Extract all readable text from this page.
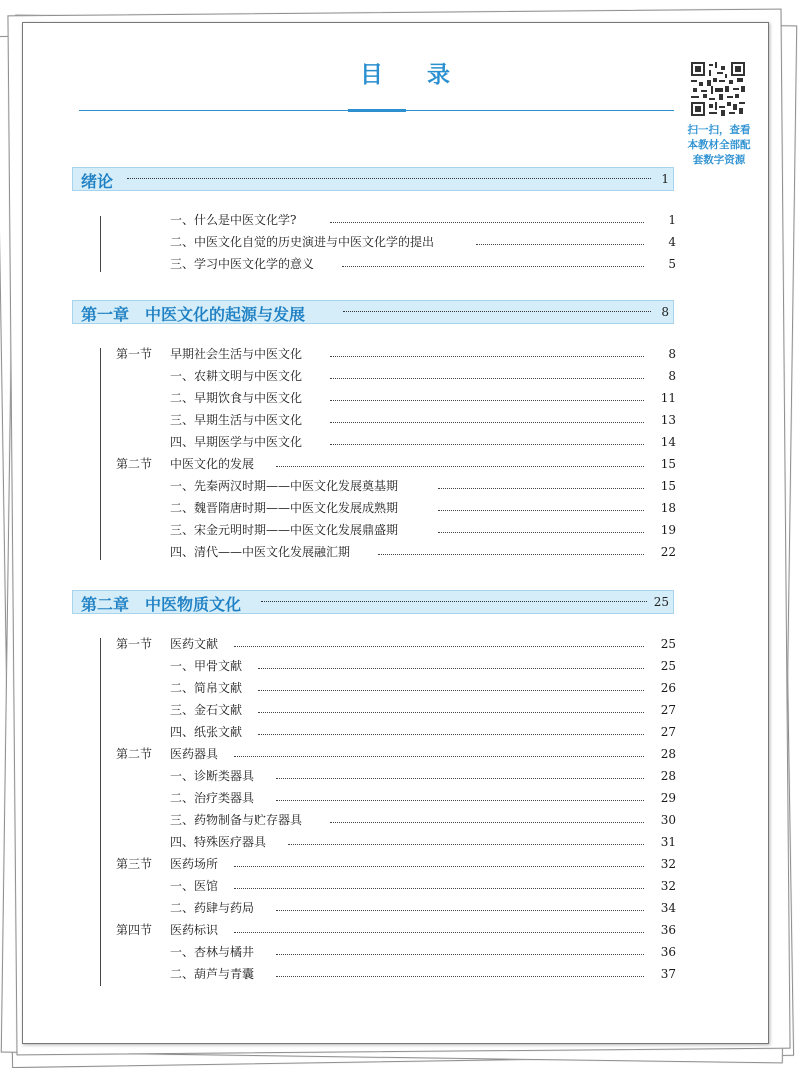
目 录
扫一扫，查看本教材全部配套数字资源
绪论	1
一、什么是中医文化学?	1
二、中医文化自觉的历史演进与中医文化学的提出	4
三、学习中医文化学的意义	5
第一章　中医文化的起源与发展	8
第一节 早期社会生活与中医文化	8
一、农耕文明与中医文化	8
二、早期饮食与中医文化	11
三、早期生活与中医文化	13
四、早期医学与中医文化	14
第二节 中医文化的发展	15
一、先秦两汉时期——中医文化发展奠基期	15
二、魏晋隋唐时期——中医文化发展成熟期	18
三、宋金元明时期——中医文化发展鼎盛期	19
四、清代——中医文化发展融汇期	22
第二章　中医物质文化	25
第一节 医药文献	25
一、甲骨文献	25
二、简帛文献	26
三、金石文献	27
四、纸张文献	27
第二节 医药器具	28
一、诊断类器具	28
二、治疗类器具	29
三、药物制备与贮存器具	30
四、特殊医疗器具	31
第三节 医药场所	32
一、医馆	32
二、药肆与药局	34
第四节 医药标识	36
一、杏林与橘井	36
二、葫芦与青囊	37
